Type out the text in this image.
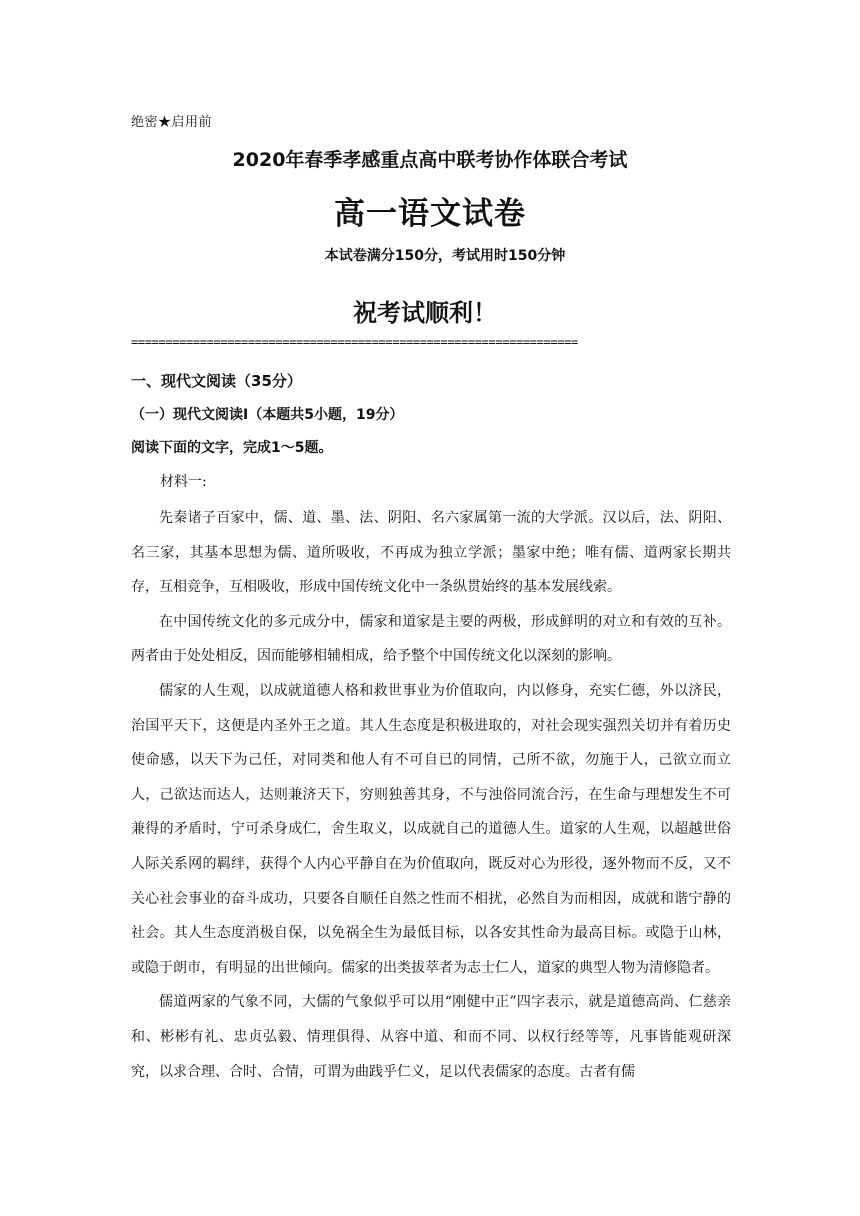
绝密★启用前
2020年春季孝感重点高中联考协作体联合考试
高一语文试卷
本试卷满分150分，考试用时150分钟
祝考试顺利！
=================================================================
一、现代文阅读（35分）
（一）现代文阅读Ⅰ（本题共5小题，19分）
阅读下面的文字，完成1～5题。
材料一:

先秦诸子百家中，儒、道、墨、法、阴阳、名六家属第一流的大学派。汉以后，法、阴阳、名三家，其基本思想为儒、道所吸收，不再成为独立学派；墨家中绝；唯有儒、道两家长期共存，互相竞争，互相吸收，形成中国传统文化中一条纵贯始终的基本发展线索。

在中国传统文化的多元成分中，儒家和道家是主要的两极，形成鲜明的对立和有效的互补。两者由于处处相反，因而能够相辅相成，给予整个中国传统文化以深刻的影响。

儒家的人生观，以成就道德人格和救世事业为价值取向，内以修身，充实仁德，外以济民，治国平天下，这便是内圣外王之道。其人生态度是积极进取的，对社会现实强烈关切并有着历史使命感，以天下为己任，对同类和他人有不可自已的同情，己所不欲，勿施于人，己欲立而立人，己欲达而达人，达则兼济天下，穷则独善其身，不与浊俗同流合污，在生命与理想发生不可兼得的矛盾时，宁可杀身成仁，舍生取义，以成就自己的道德人生。道家的人生观，以超越世俗人际关系网的羁绊，获得个人内心平静自在为价值取向，既反对心为形役，逐外物而不反，又不关心社会事业的奋斗成功，只要各自顺任自然之性而不相扰，必然自为而相因，成就和谐宁静的社会。其人生态度消极自保，以免祸全生为最低目标，以各安其性命为最高目标。或隐于山林，或隐于朗市，有明显的出世倾向。儒家的出类拔萃者为志士仁人，道家的典型人物为清修隐者。

儒道两家的气象不同，大儒的气象似乎可以用“刚健中正”四字表示，就是道德高尚、仁慈亲和、彬彬有礼、忠贞弘毅、情理俱得、从容中道、和而不同、以权行经等等，凡事皆能观研深究，以求合理、合时、合情，可谓为曲践乎仁义，足以代表儒家的态度。古者有儒
